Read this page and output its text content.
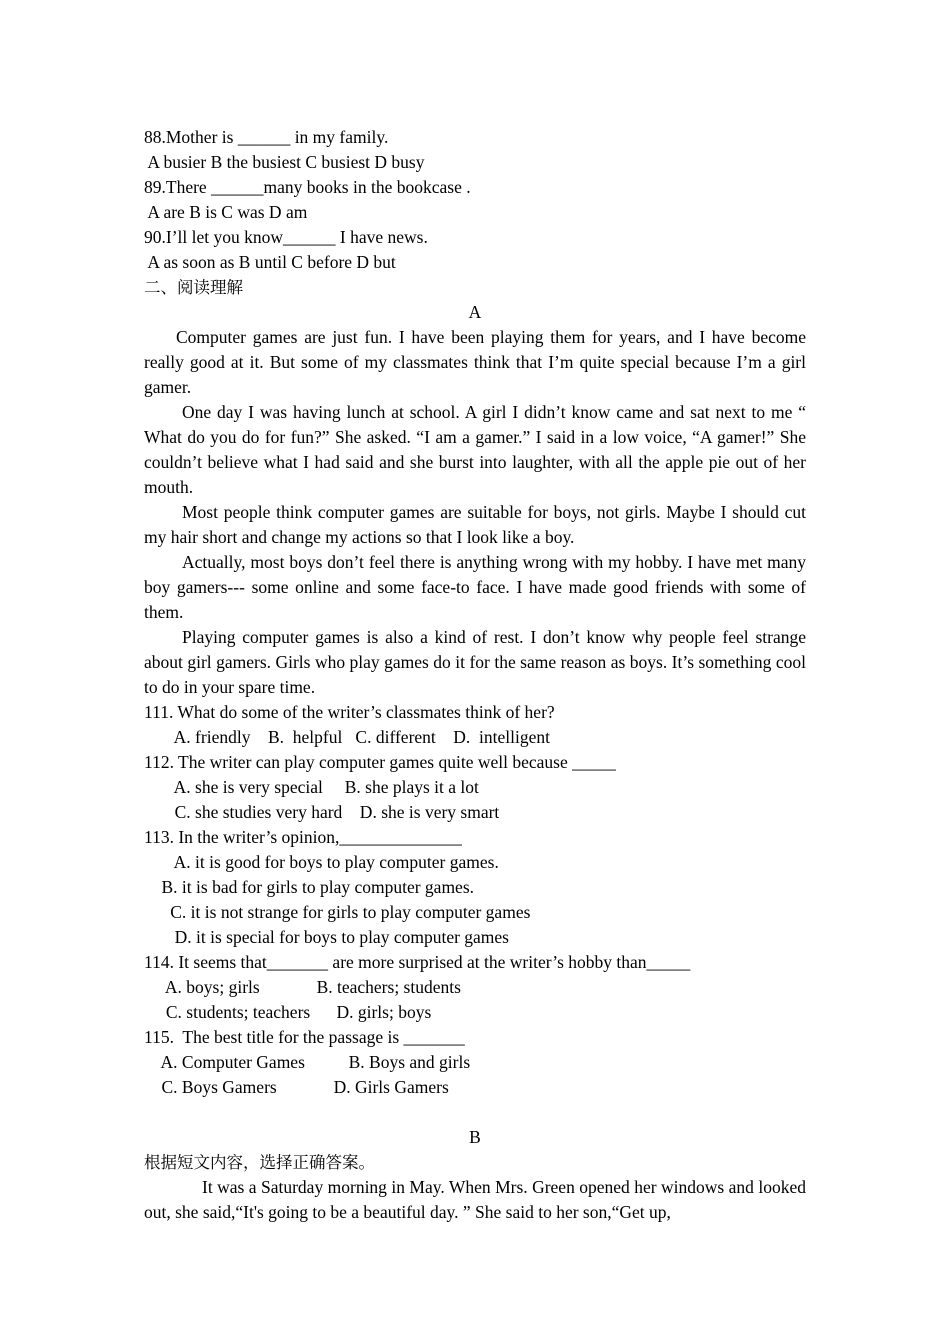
88.Mother is ______ in my family.
A busier B the busiest C busiest D busy
89.There ______many books in the bookcase .
A are B is C was D am
90.I’ll let you know______ I have news.
A as soon as B until C before D but
二、阅读理解
A
Computer games are just fun. I have been playing them for years, and I have become really good at it. But some of my classmates think that I’m quite special because I’m a girl gamer.
One day I was having lunch at school. A girl I didn’t know came and sat next to me “ What do you do for fun?” She asked. “I am a gamer.” I said in a low voice, “A gamer!” She couldn’t believe what I had said and she burst into laughter, with all the apple pie out of her mouth.
Most people think computer games are suitable for boys, not girls. Maybe I should cut my hair short and change my actions so that I look like a boy.
Actually, most boys don’t feel there is anything wrong with my hobby. I have met many boy gamers--- some online and some face-to face. I have made good friends with some of them.
Playing computer games is also a kind of rest. I don’t know why people feel strange about girl gamers. Girls who play games do it for the same reason as boys. It’s something cool to do in your spare time.
111. What do some of the writer’s classmates think of her?
A. friendly    B.  helpful   C. different    D.  intelligent
112. The writer can play computer games quite well because _____
A. she is very special     B. she plays it a lot
C. she studies very hard    D. she is very smart
113. In the writer’s opinion,______________
A. it is good for boys to play computer games.
B. it is bad for girls to play computer games.
C. it is not strange for girls to play computer games
D. it is special for boys to play computer games
114. It seems that_______ are more surprised at the writer’s hobby than_____
A. boys; girls             B. teachers; students
C. students; teachers      D. girls; boys
115.  The best title for the passage is _______
A. Computer Games          B. Boys and girls
C. Boys Gamers             D. Girls Gamers
B
根据短文内容，选择正确答案。
It was a Saturday morning in May. When Mrs. Green opened her windows and looked out, she said,“It's going to be a beautiful day. ” She said to her son,“Get up,
